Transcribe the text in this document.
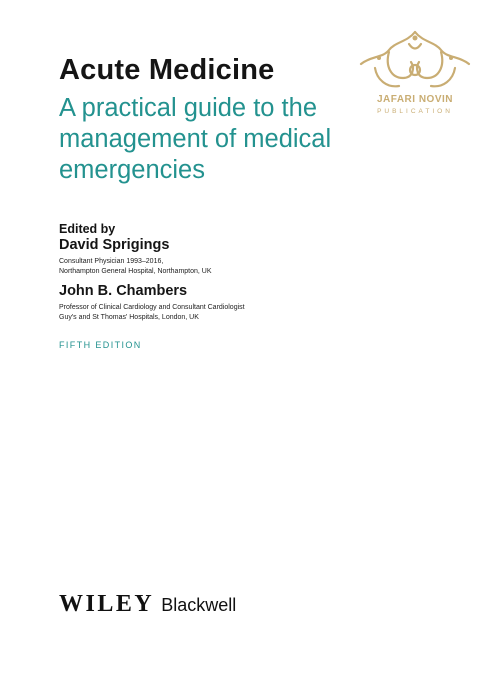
JAFARI NOVIN
PUBLICATION
Acute Medicine

A practical guide to the management of medical emergencies

Edited by
David Sprigings
Consultant Physician 1993–2016,
Northampton General Hospital, Northampton, UK
John B. Chambers
Professor of Clinical Cardiology and Consultant Cardiologist
Guy's and St Thomas' Hospitals, London, UK
FIFTH EDITION
WILEY Blackwell
